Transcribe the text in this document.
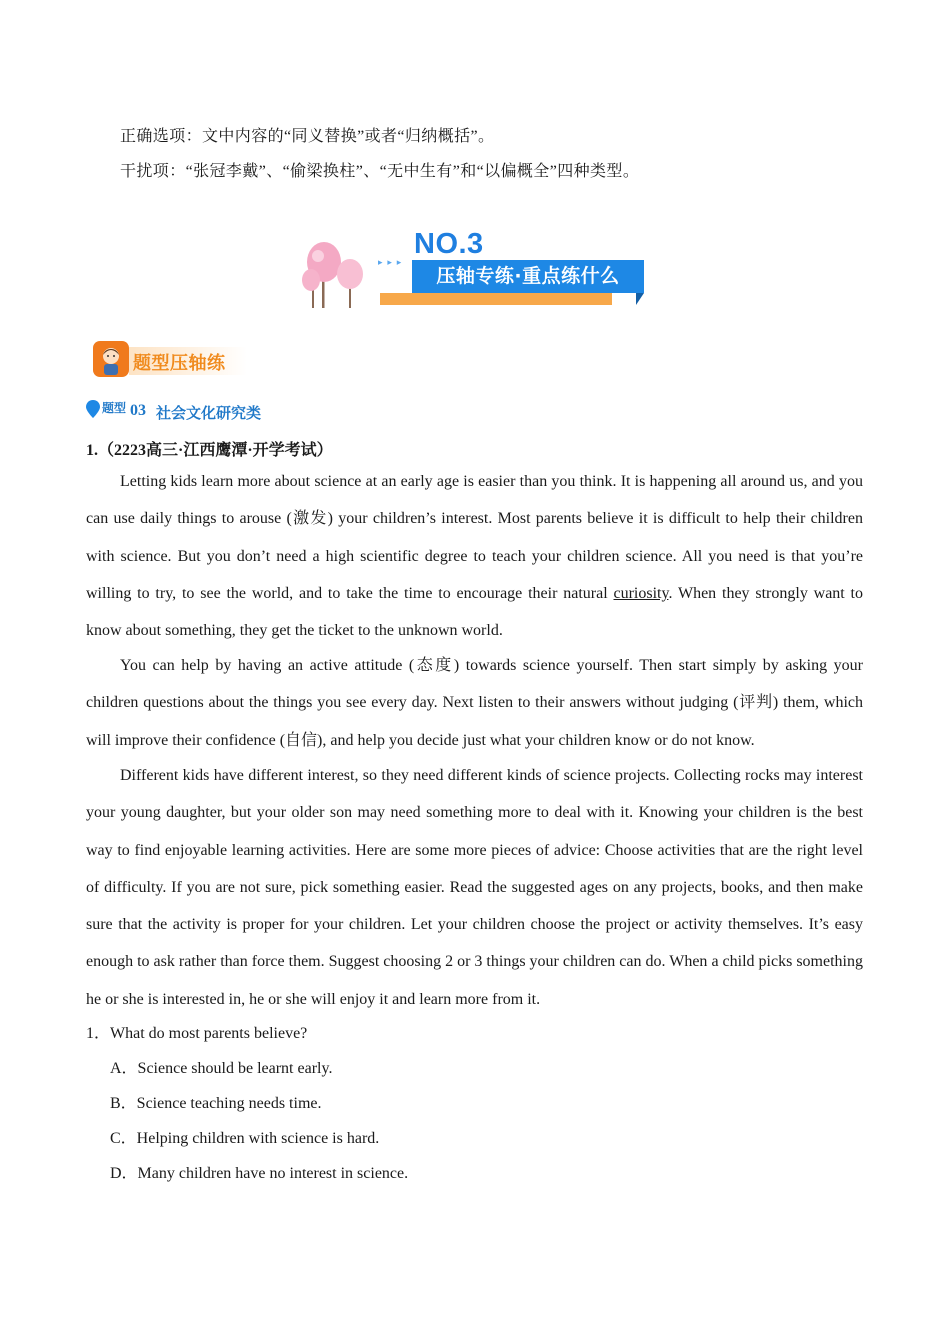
正确选项：文中内容的“同义替换”或者“归纳概括”。
干扰项：“张冠李戴”、“偷梁换柱”、“无中生有”和“以偏概全”四种类型。
NO.3
▸ ▸ ▸
压轴专练·重点练什么
题型压轴练
题型 03 社会文化研究类
1.（2223高三·江西鹰潭·开学考试）
Letting kids learn more about science at an early age is easier than you think. It is happening all around us, and you can use daily things to arouse (激发) your children’s interest. Most parents believe it is difficult to help their children with science. But you don’t need a high scientific degree to teach your children science. All you need is that you’re willing to try, to see the world, and to take the time to encourage their natural curiosity. When they strongly want to know about something, they get the ticket to the unknown world.
You can help by having an active attitude (态度) towards science yourself. Then start simply by asking your children questions about the things you see every day. Next listen to their answers without judging (评判) them, which will improve their confidence (自信), and help you decide just what your children know or do not know.
Different kids have different interest, so they need different kinds of science projects. Collecting rocks may interest your young daughter, but your older son may need something more to deal with it. Knowing your children is the best way to find enjoyable learning activities. Here are some more pieces of advice: Choose activities that are the right level of difficulty. If you are not sure, pick something easier. Read the suggested ages on any projects, books, and then make sure that the activity is proper for your children. Let your children choose the project or activity themselves. It’s easy enough to ask rather than force them. Suggest choosing 2 or 3 things your children can do. When a child picks something he or she is interested in, he or she will enjoy it and learn more from it.
1．What do most parents believe?
A．Science should be learnt early.
B．Science teaching needs time.
C．Helping children with science is hard.
D．Many children have no interest in science.
